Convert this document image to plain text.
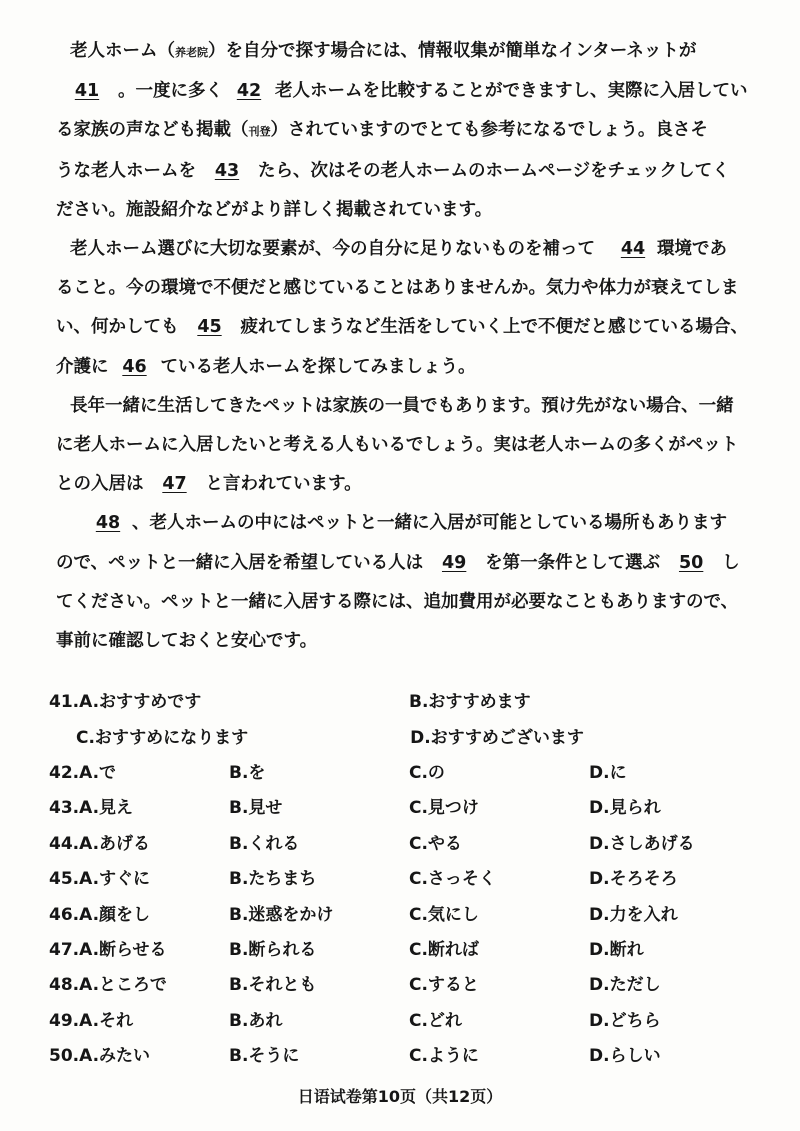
老人ホーム（养老院）を自分で探す場合には、情報収集が簡単なインターネットが

41 。一度に多く 42 老人ホームを比較することができますし、実際に入居してい

る家族の声なども掲載（刊登）されていますのでとても参考になるでしょう。良さそ

うな老人ホームを 43 たら、次はその老人ホームのホームページをチェックしてく

ださい。施設紹介などがより詳しく掲載されています。

老人ホーム選びに大切な要素が、今の自分に足りないものを補って 44 環境であ

ること。今の環境で不便だと感じていることはありませんか。気力や体力が衰えてしま

い、何かしても 45 疲れてしまうなど生活をしていく上で不便だと感じている場合、

介護に 46 ている老人ホームを探してみましょう。

長年一緒に生活してきたペットは家族の一員でもあります。預け先がない場合、一緒

に老人ホームに入居したいと考える人もいるでしょう。実は老人ホームの多くがペット

との入居は 47 と言われています。

48 、老人ホームの中にはペットと一緒に入居が可能としている場所もあります

ので、ペットと一緒に入居を希望している人は 49 を第一条件として選ぶ 50 し

てください。ペットと一緒に入居する際には、追加費用が必要なこともありますので、

事前に確認しておくと安心です。

41.A.おすすめです	B.おすすめます
C.おすすめになります	D.おすすめございます
42.A.で	B.を	C.の	D.に
43.A.見え	B.見せ	C.見つけ	D.見られ
44.A.あげる	B.くれる	C.やる	D.さしあげる
45.A.すぐに	B.たちまち	C.さっそく	D.そろそろ
46.A.顔をし	B.迷惑をかけ	C.気にし	D.力を入れ
47.A.断らせる	B.断られる	C.断れば	D.断れ
48.A.ところで	B.それとも	C.すると	D.ただし
49.A.それ	B.あれ	C.どれ	D.どちら
50.A.みたい	B.そうに	C.ように	D.らしい
日语试卷第10页（共12页）
